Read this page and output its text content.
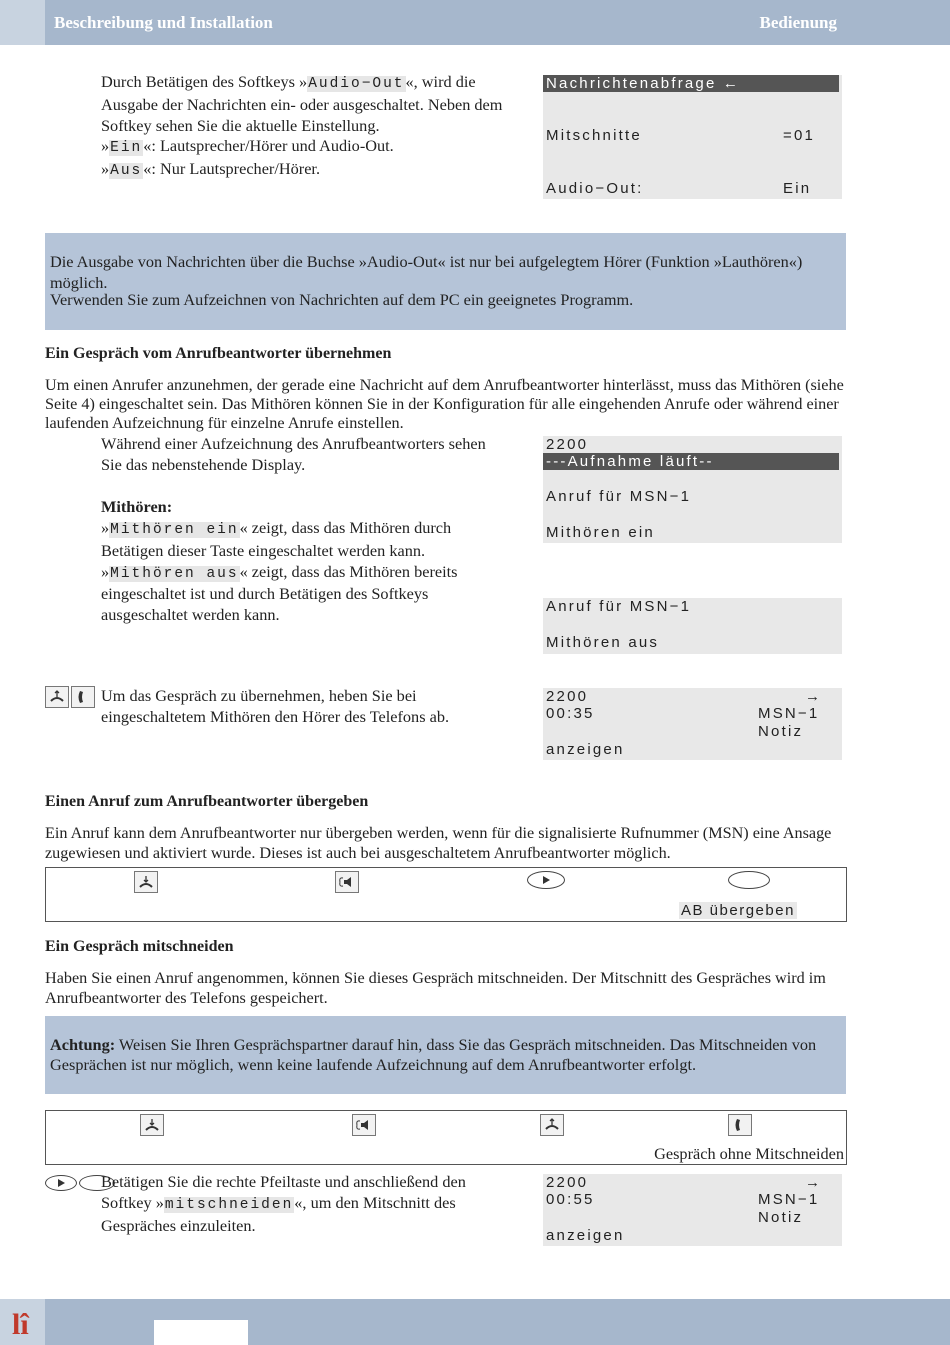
Beschreibung und Installation	Bedienung
Durch Betätigen des Softkeys »Audio−Out«, wird die Ausgabe der Nachrichten ein- oder ausgeschaltet. Neben dem Softkey sehen Sie die aktuelle Einstellung.
»Ein«: Lautsprecher/Hörer und Audio-Out.
»Aus«: Nur Lautsprecher/Hörer.
Nachrichtenabfrage ←
Mitschnitte	=01
Audio−Out:	Ein
Die Ausgabe von Nachrichten über die Buchse »Audio-Out« ist nur bei aufgelegtem Hörer (Funktion »Lauthören«) möglich.
Verwenden Sie zum Aufzeichnen von Nachrichten auf dem PC ein geeignetes Programm.
Ein Gespräch vom Anrufbeantworter übernehmen
Um einen Anrufer anzunehmen, der gerade eine Nachricht auf dem Anrufbeantworter hinterlässt, muss das Mithören (siehe Seite 4) eingeschaltet sein. Das Mithören können Sie in der Konfiguration für alle eingehenden Anrufe oder während einer laufenden Aufzeichnung für einzelne Anrufe einstellen.
Während einer Aufzeichnung des Anrufbeantworters sehen Sie das nebenstehende Display.
Mithören:
»Mithören ein« zeigt, dass das Mithören durch Betätigen dieser Taste eingeschaltet werden kann.
»Mithören aus« zeigt, dass das Mithören bereits eingeschaltet ist und durch Betätigen des Softkeys ausgeschaltet werden kann.
2200
---Aufnahme läuft--
Anruf für MSN−1
Mithören ein
Anruf für MSN−1
Mithören aus
Um das Gespräch zu übernehmen, heben Sie bei eingeschaltetem Mithören den Hörer des Telefons ab.
2200	→
00:35	MSN−1
Notiz
anzeigen
Einen Anruf zum Anrufbeantworter übergeben
Ein Anruf kann dem Anrufbeantworter nur übergeben werden, wenn für die signalisierte Rufnummer (MSN) eine Ansage zugewiesen und aktiviert wurde. Dieses ist auch bei ausgeschaltetem Anrufbeantworter möglich.
AB übergeben
Ein Gespräch mitschneiden
Haben Sie einen Anruf angenommen, können Sie dieses Gespräch mitschneiden. Der Mitschnitt des Gespräches wird im Anrufbeantworter des Telefons gespeichert.
Achtung: Weisen Sie Ihren Gesprächspartner darauf hin, dass Sie das Gespräch mitschneiden. Das Mitschneiden von Gesprächen ist nur möglich, wenn keine laufende Aufzeichnung auf dem Anrufbeantworter erfolgt.
Gespräch ohne Mitschneiden
Betätigen Sie die rechte Pfeiltaste und anschließend den Softkey »mitschneiden«, um den Mitschnitt des Gespräches einzuleiten.
2200	→
00:55	MSN−1
Notiz
anzeigen
lî
